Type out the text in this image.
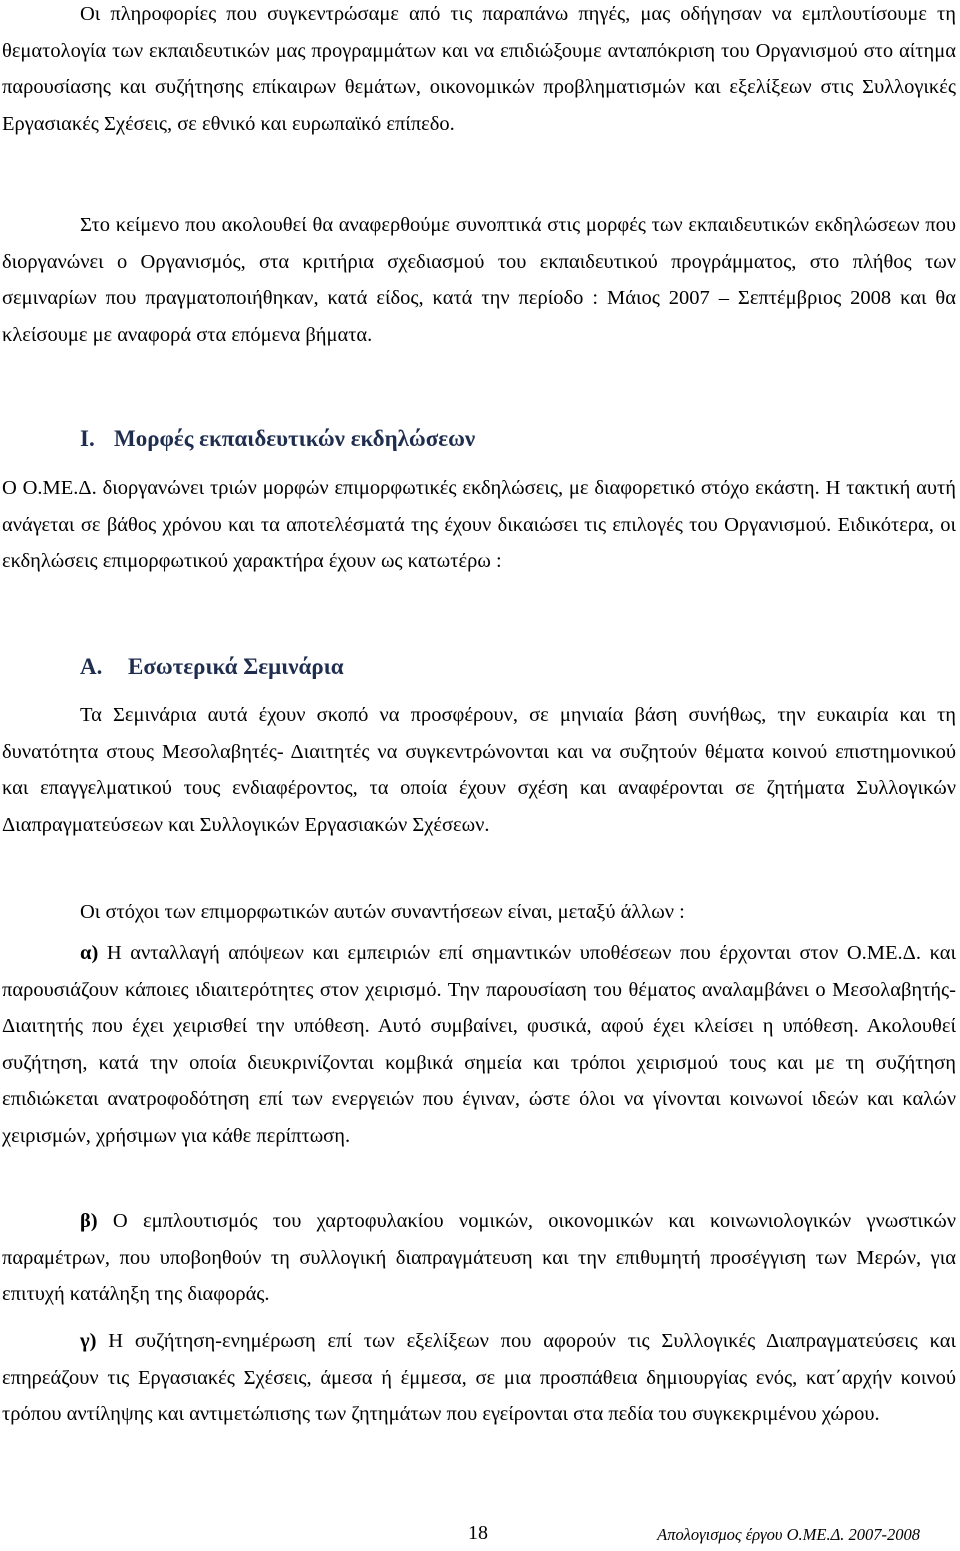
Οι πληροφορίες που συγκεντρώσαμε από τις παραπάνω πηγές, μας οδήγησαν να εμπλουτίσουμε τη θεματολογία των εκπαιδευτικών μας προγραμμάτων και να επιδιώξουμε ανταπόκριση του Οργανισμού στο αίτημα παρουσίασης και συζήτησης επίκαιρων θεμάτων, οικονομικών προβληματισμών και εξελίξεων στις Συλλογικές Εργασιακές Σχέσεις, σε εθνικό και ευρωπαϊκό επίπεδο.

Στο κείμενο που ακολουθεί θα αναφερθούμε συνοπτικά στις μορφές των εκπαιδευτικών εκδηλώσεων που διοργανώνει ο Οργανισμός, στα κριτήρια σχεδιασμού του εκπαιδευτικού προγράμματος, στο πλήθος των σεμιναρίων που πραγματοποιήθηκαν, κατά είδος, κατά την περίοδο : Μάιος 2007 – Σεπτέμβριος 2008 και θα κλείσουμε με αναφορά στα επόμενα βήματα.

Ι. Μορφές εκπαιδευτικών εκδηλώσεων

Ο Ο.ΜΕ.Δ. διοργανώνει τριών μορφών επιμορφωτικές εκδηλώσεις, με διαφορετικό στόχο εκάστη. Η τακτική αυτή ανάγεται σε βάθος χρόνου και τα αποτελέσματά της έχουν δικαιώσει τις επιλογές του Οργανισμού. Ειδικότερα, οι εκδηλώσεις επιμορφωτικού χαρακτήρα έχουν ως κατωτέρω :

Α. Εσωτερικά Σεμινάρια

Τα Σεμινάρια αυτά έχουν σκοπό να προσφέρουν, σε μηνιαία βάση συνήθως, την ευκαιρία και τη δυνατότητα στους Μεσολαβητές- Διαιτητές να συγκεντρώνονται και να συζητούν θέματα κοινού επιστημονικού και επαγγελματικού τους ενδιαφέροντος, τα οποία έχουν σχέση και αναφέρονται σε ζητήματα Συλλογικών Διαπραγματεύσεων και Συλλογικών Εργασιακών Σχέσεων.

Οι στόχοι των επιμορφωτικών αυτών συναντήσεων είναι, μεταξύ άλλων :

α) Η ανταλλαγή απόψεων και εμπειριών επί σημαντικών υποθέσεων που έρχονται στον Ο.ΜΕ.Δ. και παρουσιάζουν κάποιες ιδιαιτερότητες στον χειρισμό. Την παρουσίαση του θέματος αναλαμβάνει ο Μεσολαβητής-Διαιτητής που έχει χειρισθεί την υπόθεση. Αυτό συμβαίνει, φυσικά, αφού έχει κλείσει η υπόθεση. Ακολουθεί συζήτηση, κατά την οποία διευκρινίζονται κομβικά σημεία και τρόποι χειρισμού τους και με τη συζήτηση επιδιώκεται ανατροφοδότηση επί των ενεργειών που έγιναν, ώστε όλοι να γίνονται κοινωνοί ιδεών και καλών χειρισμών, χρήσιμων για κάθε περίπτωση.

β) Ο εμπλουτισμός του χαρτοφυλακίου νομικών, οικονομικών και κοινωνιολογικών γνωστικών παραμέτρων, που υποβοηθούν τη συλλογική διαπραγμάτευση και την επιθυμητή προσέγγιση των Μερών, για επιτυχή κατάληξη της διαφοράς.

γ) Η συζήτηση-ενημέρωση επί των εξελίξεων που αφορούν τις Συλλογικές Διαπραγματεύσεις και επηρεάζουν τις Εργασιακές Σχέσεις, άμεσα ή έμμεσα, σε μια προσπάθεια δημιουργίας ενός, κατ΄αρχήν κοινού τρόπου αντίληψης και αντιμετώπισης των ζητημάτων που εγείρονται στα πεδία του συγκεκριμένου χώρου.

18	Απολογισμος έργου Ο.ΜΕ.Δ. 2007-2008
